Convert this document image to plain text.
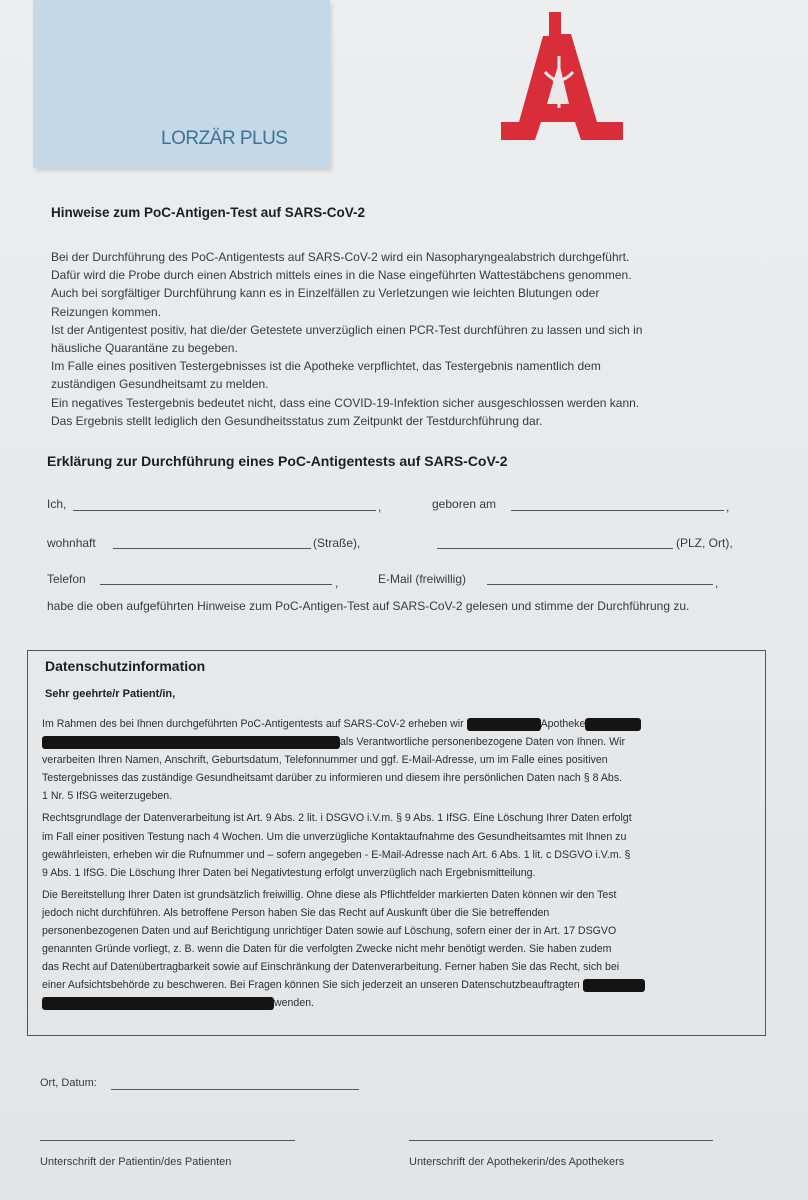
LORZÄR PLUS
Hinweise zum PoC-Antigen-Test auf SARS-CoV-2
Bei der Durchführung des PoC-Antigentests auf SARS-CoV-2 wird ein Nasopharyngealabstrich durchgeführt.
Dafür wird die Probe durch einen Abstrich mittels eines in die Nase eingeführten Wattestäbchens genommen.
Auch bei sorgfältiger Durchführung kann es in Einzelfällen zu Verletzungen wie leichten Blutungen oder
Reizungen kommen.
Ist der Antigentest positiv, hat die/der Getestete unverzüglich einen PCR-Test durchführen zu lassen und sich in
häusliche Quarantäne zu begeben.
Im Falle eines positiven Testergebnisses ist die Apotheke verpflichtet, das Testergebnis namentlich dem
zuständigen Gesundheitsamt zu melden.
Ein negatives Testergebnis bedeutet nicht, dass eine COVID-19-Infektion sicher ausgeschlossen werden kann.
Das Ergebnis stellt lediglich den Gesundheitsstatus zum Zeitpunkt der Testdurchführung dar.
Erklärung zur Durchführung eines PoC-Antigentests auf SARS-CoV-2
Ich,	,	geboren am	,
wohnhaft	(Straße),	(PLZ, Ort),
Telefon	,	E-Mail (freiwillig)	,
habe die oben aufgeführten Hinweise zum PoC-Antigen-Test auf SARS-CoV-2 gelesen und stimme der Durchführung zu.
Datenschutzinformation
Sehr geehrte/r Patient/in,
Im Rahmen des bei Ihnen durchgeführten PoC-Antigentests auf SARS-CoV-2 erheben wir	Apotheke
als Verantwortliche personenbezogene Daten von Ihnen. Wir
verarbeiten Ihren Namen, Anschrift, Geburtsdatum, Telefonnummer und ggf. E-Mail-Adresse, um im Falle eines positiven
Testergebnisses das zuständige Gesundheitsamt darüber zu informieren und diesem ihre persönlichen Daten nach § 8 Abs.
1 Nr. 5 IfSG weiterzugeben.
Rechtsgrundlage der Datenverarbeitung ist Art. 9 Abs. 2 lit. i DSGVO i.V.m. § 9 Abs. 1 IfSG. Eine Löschung Ihrer Daten erfolgt
im Fall einer positiven Testung nach 4 Wochen. Um die unverzügliche Kontaktaufnahme des Gesundheitsamtes mit Ihnen zu
gewährleisten, erheben wir die Rufnummer und – sofern angegeben - E-Mail-Adresse nach Art. 6 Abs. 1 lit. c DSGVO i.V.m. §
9 Abs. 1 IfSG. Die Löschung Ihrer Daten bei Negativtestung erfolgt unverzüglich nach Ergebnismitteilung.
Die Bereitstellung Ihrer Daten ist grundsätzlich freiwillig. Ohne diese als Pflichtfelder markierten Daten können wir den Test
jedoch nicht durchführen. Als betroffene Person haben Sie das Recht auf Auskunft über die Sie betreffenden
personenbezogenen Daten und auf Berichtigung unrichtiger Daten sowie auf Löschung, sofern einer der in Art. 17 DSGVO
genannten Gründe vorliegt, z. B. wenn die Daten für die verfolgten Zwecke nicht mehr benötigt werden. Sie haben zudem
das Recht auf Datenübertragbarkeit sowie auf Einschränkung der Datenverarbeitung. Ferner haben Sie das Recht, sich bei
einer Aufsichtsbehörde zu beschweren. Bei Fragen können Sie sich jederzeit an unseren Datenschutzbeauftragten
wenden.
Ort, Datum:
Unterschrift der Patientin/des Patienten	Unterschrift der Apothekerin/des Apothekers
